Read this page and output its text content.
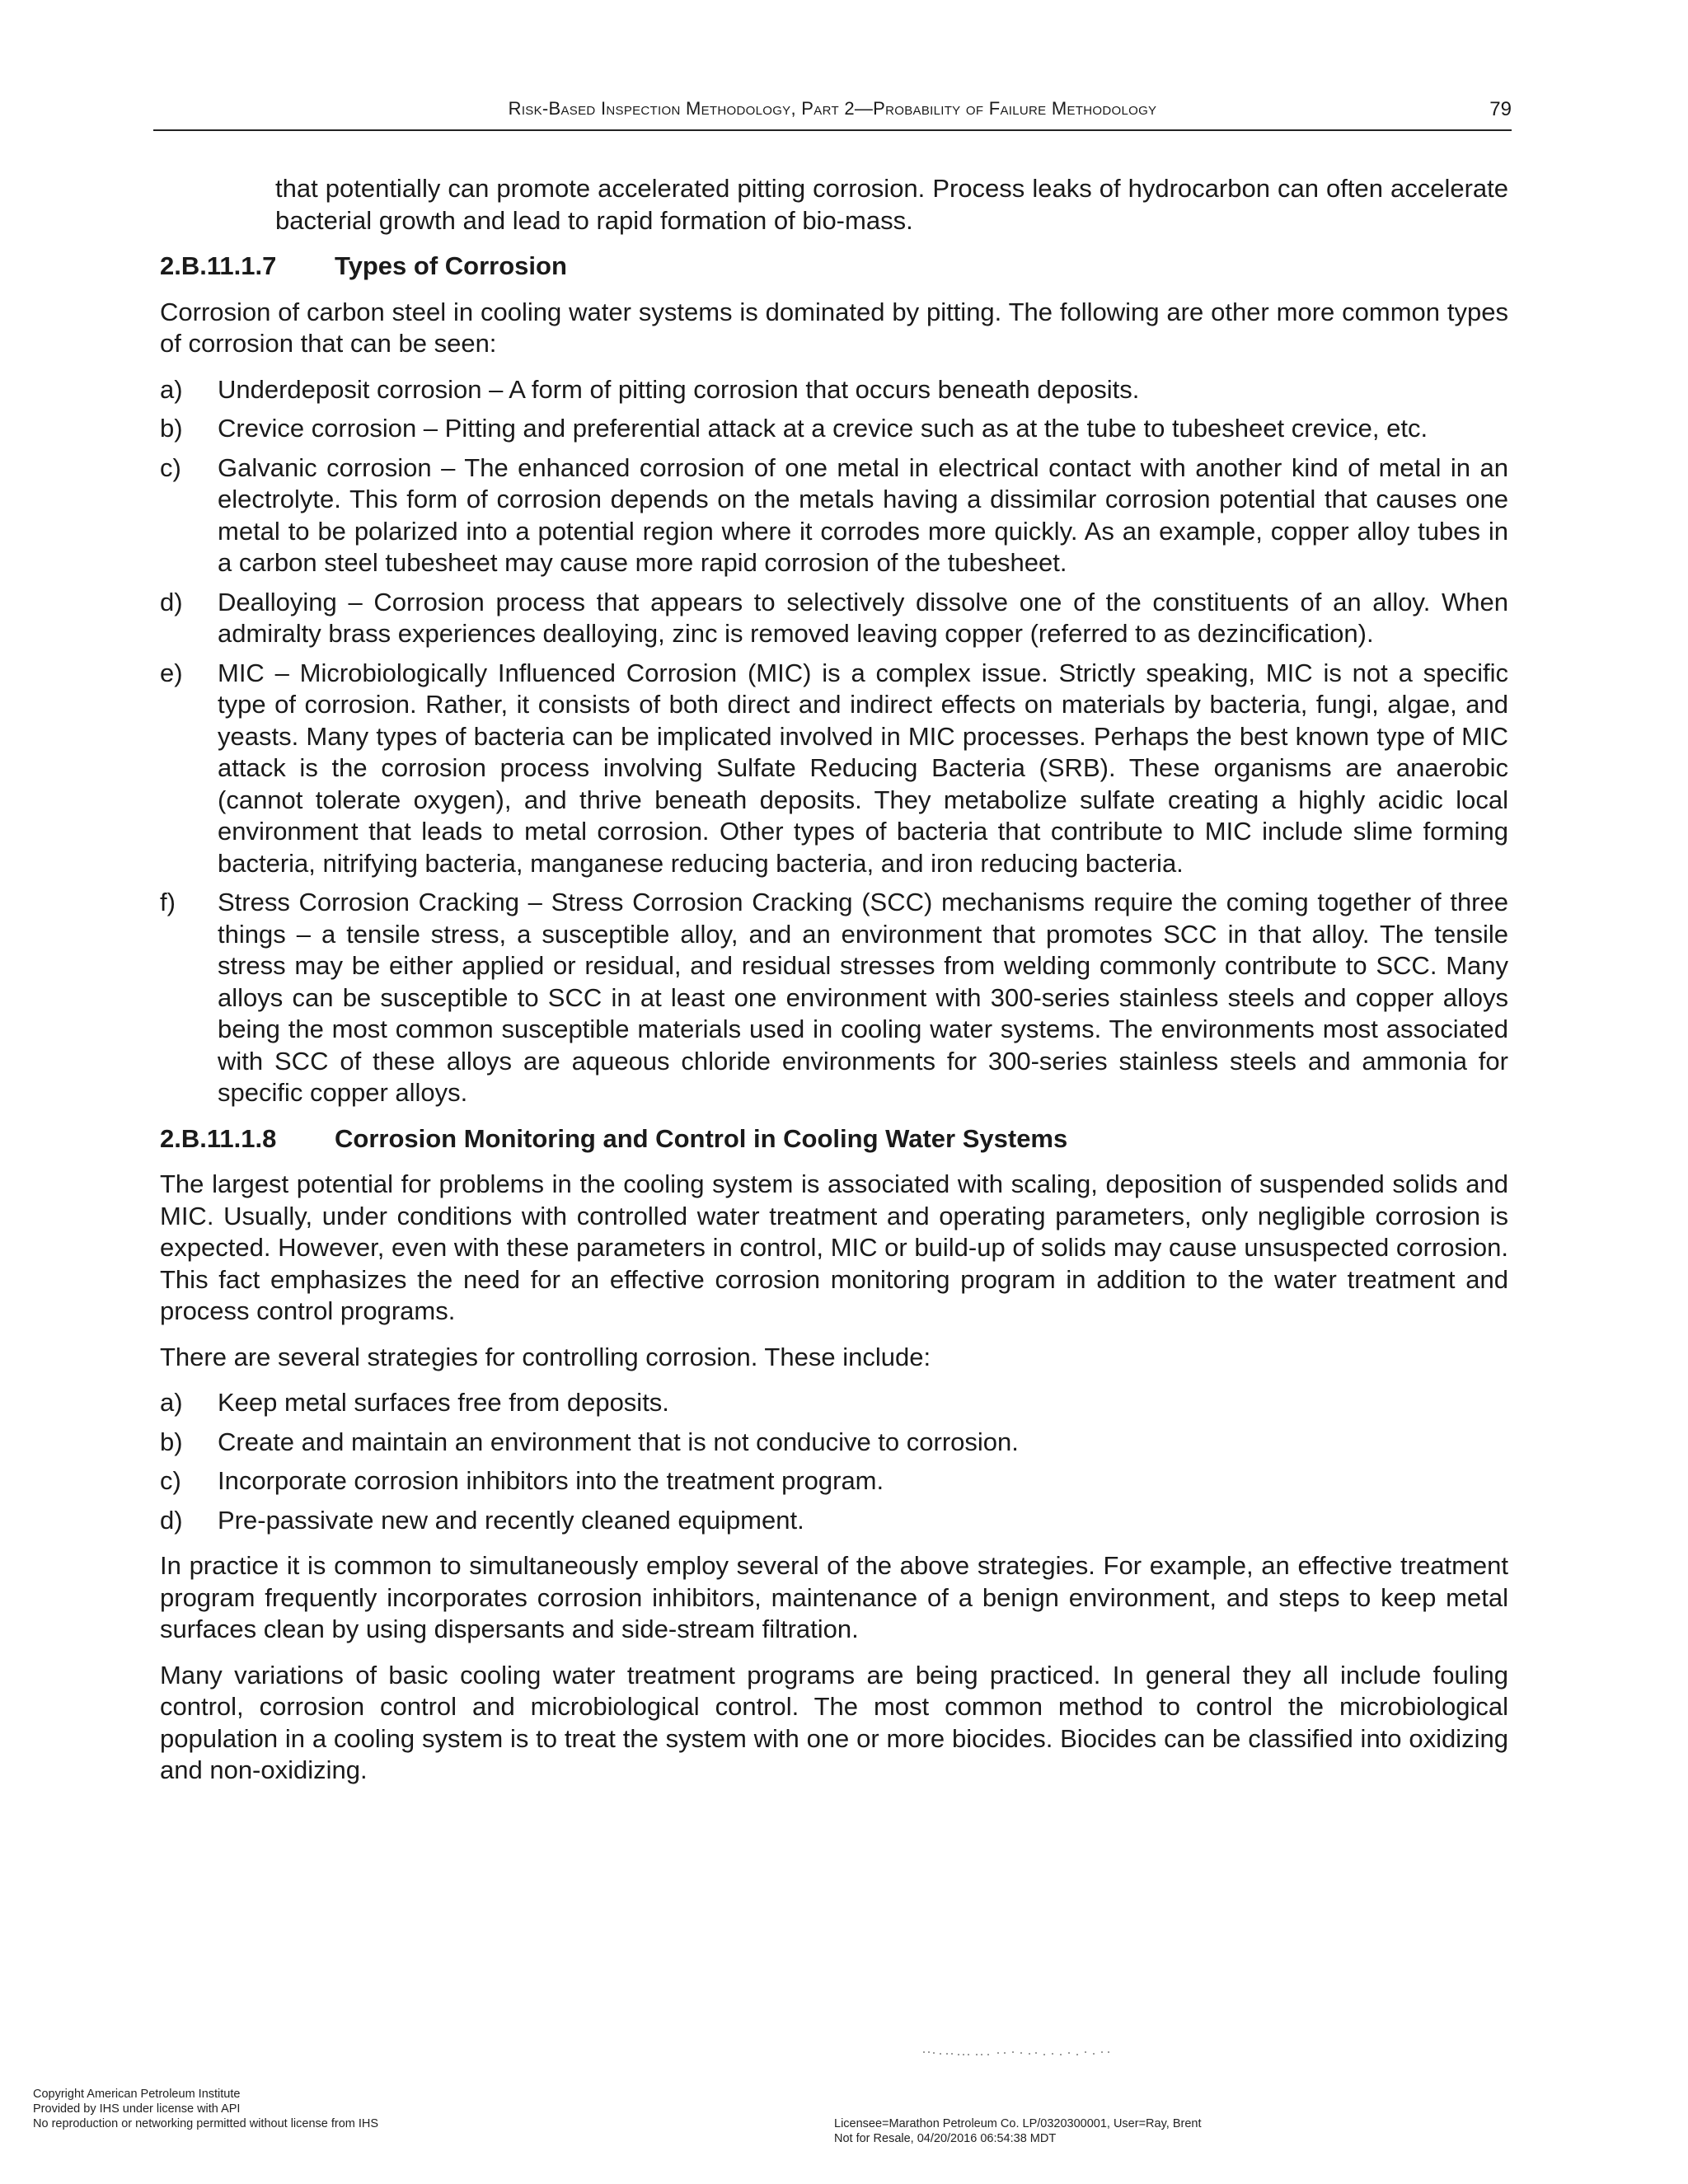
Risk-Based Inspection Methodology, Part 2—Probability of Failure Methodology	79

that potentially can promote accelerated pitting corrosion. Process leaks of hydrocarbon can often accelerate bacterial growth and lead to rapid formation of bio-mass.

2.B.11.1.7 Types of Corrosion

Corrosion of carbon steel in cooling water systems is dominated by pitting. The following are other more common types of corrosion that can be seen:

a)	Underdeposit corrosion – A form of pitting corrosion that occurs beneath deposits.
b)	Crevice corrosion – Pitting and preferential attack at a crevice such as at the tube to tubesheet crevice, etc.
c)	Galvanic corrosion – The enhanced corrosion of one metal in electrical contact with another kind of metal in an electrolyte. This form of corrosion depends on the metals having a dissimilar corrosion potential that causes one metal to be polarized into a potential region where it corrodes more quickly. As an example, copper alloy tubes in a carbon steel tubesheet may cause more rapid corrosion of the tubesheet.
d)	Dealloying – Corrosion process that appears to selectively dissolve one of the constituents of an alloy. When admiralty brass experiences dealloying, zinc is removed leaving copper (referred to as dezincification).
e)	MIC – Microbiologically Influenced Corrosion (MIC) is a complex issue. Strictly speaking, MIC is not a specific type of corrosion. Rather, it consists of both direct and indirect effects on materials by bacteria, fungi, algae, and yeasts. Many types of bacteria can be implicated involved in MIC processes. Perhaps the best known type of MIC attack is the corrosion process involving Sulfate Reducing Bacteria (SRB). These organisms are anaerobic (cannot tolerate oxygen), and thrive beneath deposits. They metabolize sulfate creating a highly acidic local environment that leads to metal corrosion. Other types of bacteria that contribute to MIC include slime forming bacteria, nitrifying bacteria, manganese reducing bacteria, and iron reducing bacteria.
f)	Stress Corrosion Cracking – Stress Corrosion Cracking (SCC) mechanisms require the coming together of three things – a tensile stress, a susceptible alloy, and an environment that promotes SCC in that alloy. The tensile stress may be either applied or residual, and residual stresses from welding commonly contribute to SCC. Many alloys can be susceptible to SCC in at least one environment with 300-series stainless steels and copper alloys being the most common susceptible materials used in cooling water systems. The environments most associated with SCC of these alloys are aqueous chloride environments for 300-series stainless steels and ammonia for specific copper alloys.
2.B.11.1.8 Corrosion Monitoring and Control in Cooling Water Systems

The largest potential for problems in the cooling system is associated with scaling, deposition of suspended solids and MIC. Usually, under conditions with controlled water treatment and operating parameters, only negligible corrosion is expected. However, even with these parameters in control, MIC or build-up of solids may cause unsuspected corrosion. This fact emphasizes the need for an effective corrosion monitoring program in addition to the water treatment and process control programs.

There are several strategies for controlling corrosion. These include:

a)	Keep metal surfaces free from deposits.
b)	Create and maintain an environment that is not conducive to corrosion.
c)	Incorporate corrosion inhibitors into the treatment program.
d)	Pre-passivate new and recently cleaned equipment.

In practice it is common to simultaneously employ several of the above strategies. For example, an effective treatment program frequently incorporates corrosion inhibitors, maintenance of a benign environment, and steps to keep metal surfaces clean by using dispersants and side-stream filtration.

Many variations of basic cooling water treatment programs are being practiced. In general they all include fouling control, corrosion control and microbiological control. The most common method to control the microbiological population in a cooling system is to treat the system with one or more biocides. Biocides can be classified into oxidizing and non-oxidizing.

Copyright American Petroleum Institute
Provided by IHS under license with API
No reproduction or networking permitted without license from IHS	Licensee=Marathon Petroleum Co. LP/0320300001, User=Ray, Brent
Not for Resale, 04/20/2016 06:54:38 MDT
